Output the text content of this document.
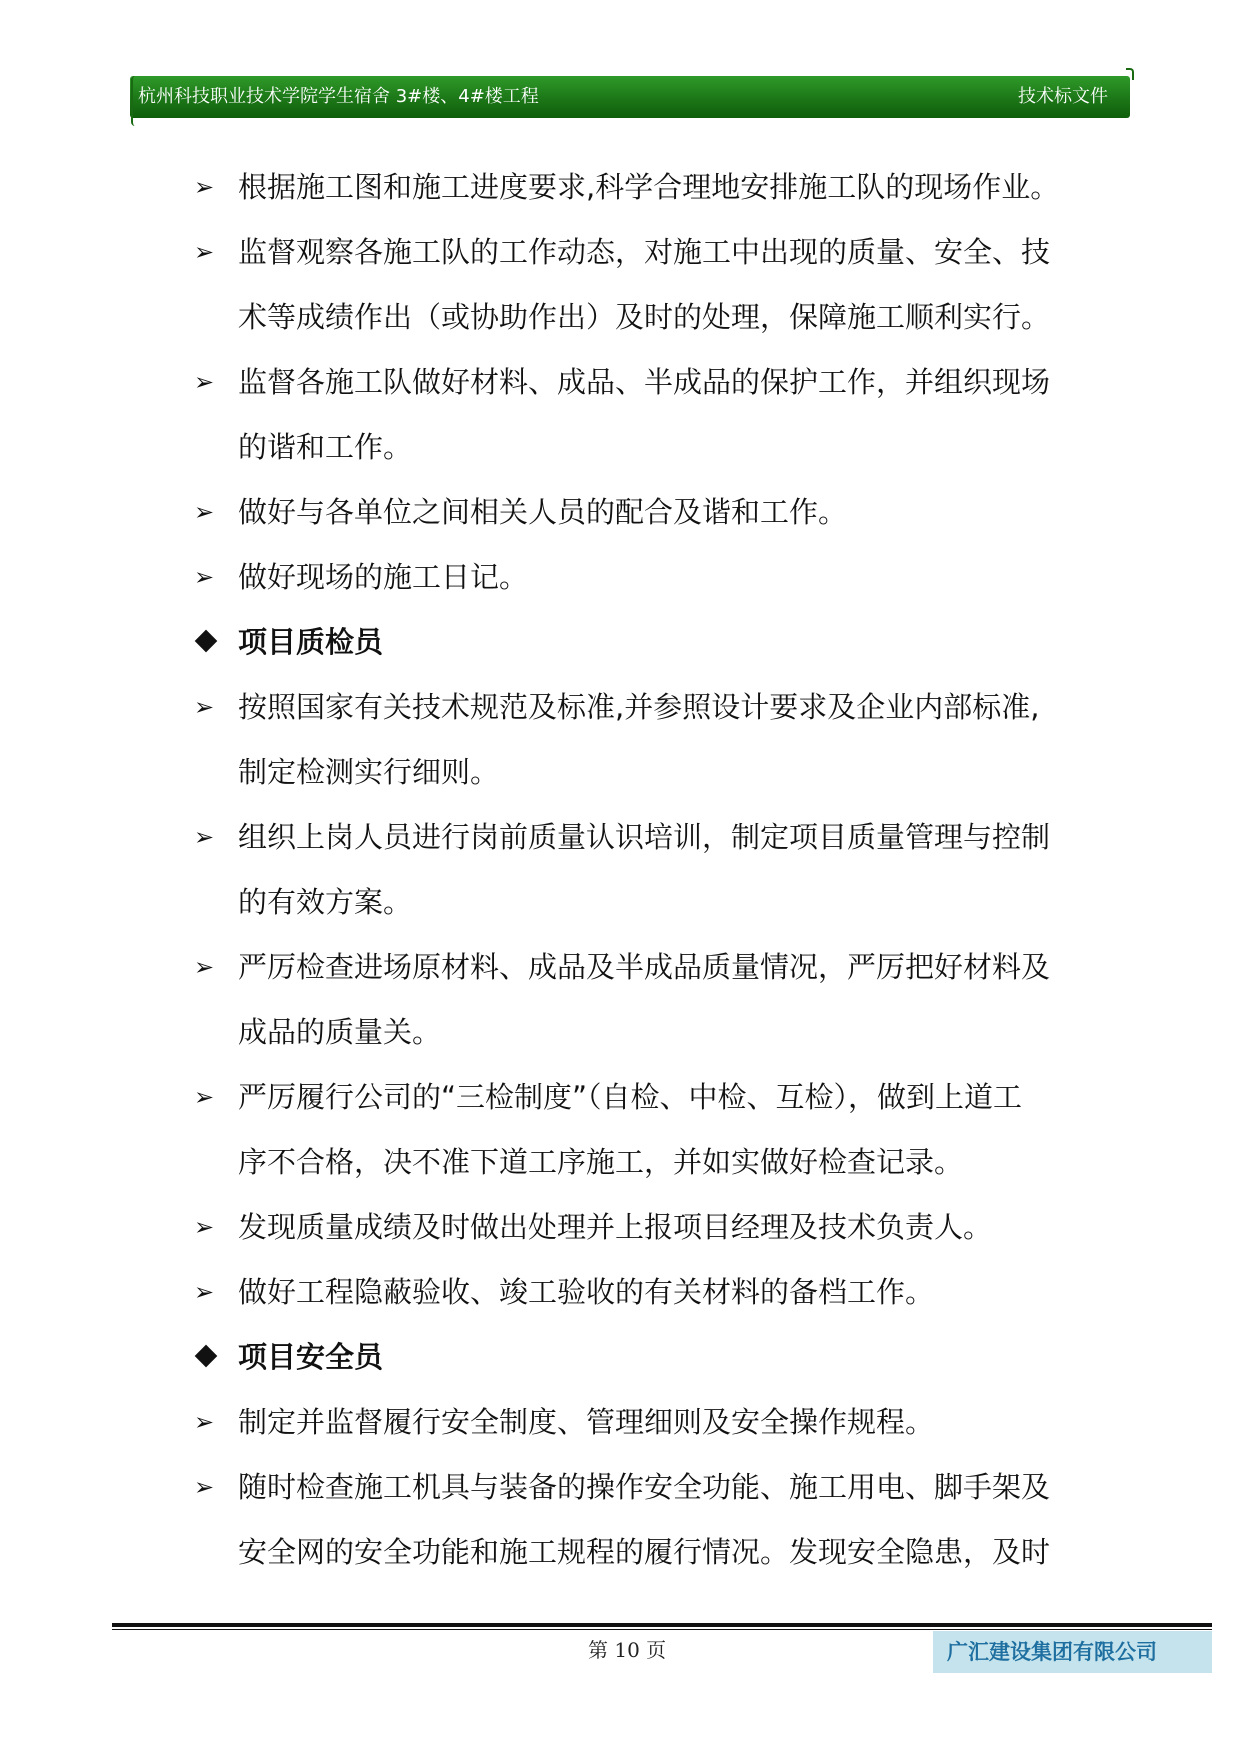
杭州科技职业技术学院学生宿舍 3#楼、4#楼工程	技术标文件
➢ 根据施工图和施工进度要求,科学合理地安排施工队的现场作业。
➢ 监督观察各施工队的工作动态，对施工中出现的质量、安全、技
术等成绩作出（或协助作出）及时的处理，保障施工顺利实行。
➢ 监督各施工队做好材料、成品、半成品的保护工作，并组织现场
的谐和工作。
➢ 做好与各单位之间相关人员的配合及谐和工作。
➢ 做好现场的施工日记。
项目质检员
➢ 按照国家有关技术规范及标准,并参照设计要求及企业内部标准,
制定检测实行细则。
➢ 组织上岗人员进行岗前质量认识培训，制定项目质量管理与控制
的有效方案。
➢ 严厉检查进场原材料、成品及半成品质量情况，严厉把好材料及
成品的质量关。
➢ 严厉履行公司的“三检制度”（自检、中检、互检），做到上道工
序不合格，决不准下道工序施工，并如实做好检查记录。
➢ 发现质量成绩及时做出处理并上报项目经理及技术负责人。
➢ 做好工程隐蔽验收、竣工验收的有关材料的备档工作。
项目安全员
➢ 制定并监督履行安全制度、管理细则及安全操作规程。
➢ 随时检查施工机具与装备的操作安全功能、施工用电、脚手架及
安全网的安全功能和施工规程的履行情况。发现安全隐患，及时
第 10 页	广汇建设集团有限公司
